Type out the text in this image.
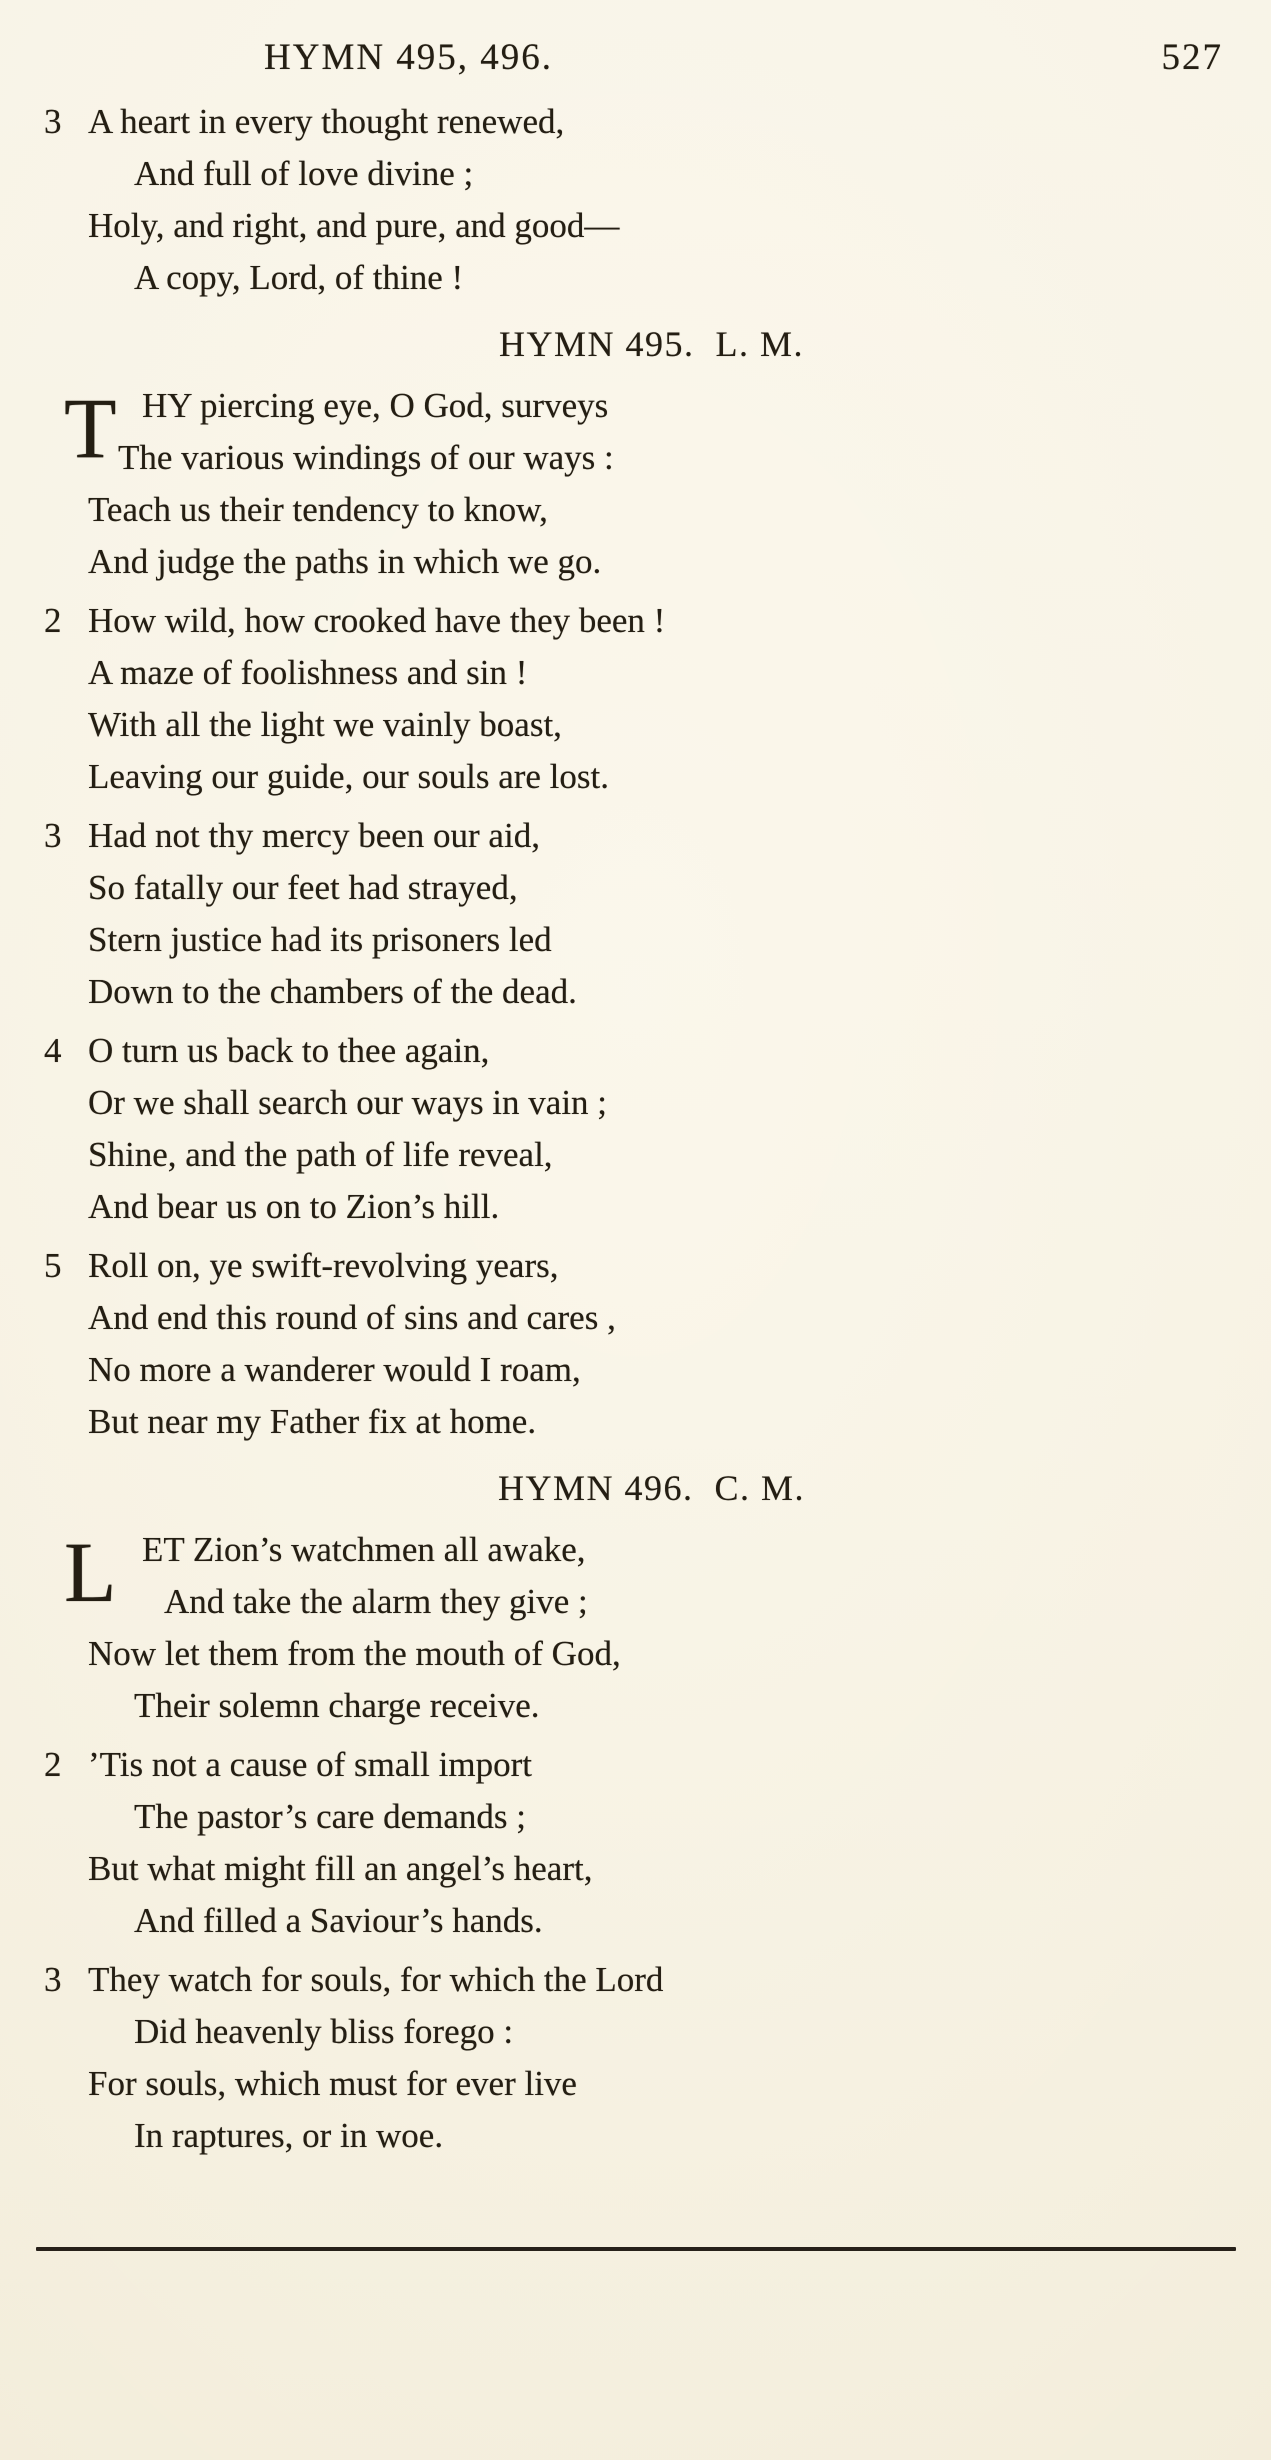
HYMN 495, 496.	527
3 A heart in every thought renewed,
And full of love divine ;
Holy, and right, and pure, and good—
A copy, Lord, of thine !
HYMN 495.  L. M.
T HY piercing eye, O God, surveys
The various windings of our ways :
Teach us their tendency to know,
And judge the paths in which we go.
2 How wild, how crooked have they been !
A maze of foolishness and sin !
With all the light we vainly boast,
Leaving our guide, our souls are lost.
3 Had not thy mercy been our aid,
So fatally our feet had strayed,
Stern justice had its prisoners led
Down to the chambers of the dead.
4 O turn us back to thee again,
Or we shall search our ways in vain ;
Shine, and the path of life reveal,
And bear us on to Zion’s hill.
5 Roll on, ye swift-revolving years,
And end this round of sins and cares ,
No more a wanderer would I roam,
But near my Father fix at home.
HYMN 496.  C. M.
L ET Zion’s watchmen all awake,
And take the alarm they give ;
Now let them from the mouth of God,
Their solemn charge receive.
2 ’Tis not a cause of small import
The pastor’s care demands ;
But what might fill an angel’s heart,
And filled a Saviour’s hands.
3 They watch for souls, for which the Lord
Did heavenly bliss forego :
For souls, which must for ever live
In raptures, or in woe.
